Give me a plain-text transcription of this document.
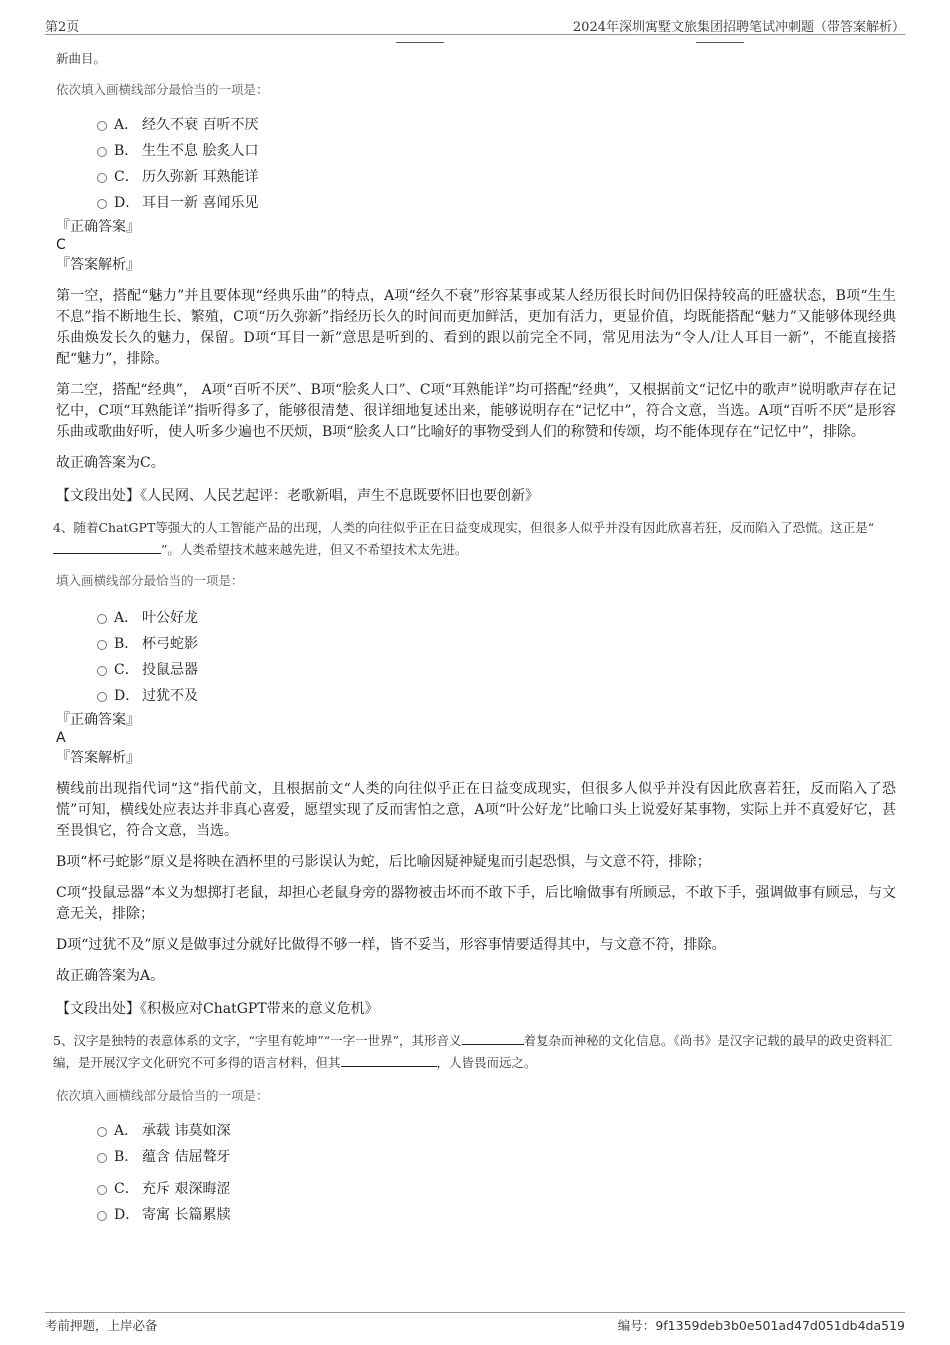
第2页	2024年深圳寓墅文旅集团招聘笔试冲刺题（带答案解析）

新曲目。

依次填入画横线部分最恰当的一项是：

A． 经久不衰 百听不厌
B． 生生不息 脍炙人口
C． 历久弥新 耳熟能详
D． 耳目一新 喜闻乐见

『正确答案』

C

『答案解析』

第一空，搭配“魅力”并且要体现“经典乐曲”的特点，A项“经久不衰”形容某事或某人经历很长时间仍旧保持较高的旺盛状态，B项“生生不息”指不断地生长、繁殖，C项“历久弥新”指经历长久的时间而更加鲜活，更加有活力，更显价值，均既能搭配“魅力”又能够体现经典乐曲焕发长久的魅力，保留。D项“耳目一新”意思是听到的、看到的跟以前完全不同，常见用法为“令人/让人耳目一新”，不能直接搭配“魅力”，排除。

第二空，搭配“经典”， A项“百听不厌”、B项“脍炙人口”、C项“耳熟能详”均可搭配“经典”，又根据前文“记忆中的歌声”说明歌声存在记忆中，C项“耳熟能详”指听得多了，能够很清楚、很详细地复述出来，能够说明存在“记忆中”，符合文意，当选。A项“百听不厌”是形容乐曲或歌曲好听，使人听多少遍也不厌烦，B项“脍炙人口”比喻好的事物受到人们的称赞和传颂，均不能体现存在“记忆中”，排除。

故正确答案为C。

【文段出处】《人民网、人民艺起评：老歌新唱，声生不息既要怀旧也要创新》

4、随着ChatGPT等强大的人工智能产品的出现，人类的向往似乎正在日益变成现实，但很多人似乎并没有因此欣喜若狂，反而陷入了恐慌。这正是“”。人类希望技术越来越先进，但又不希望技术太先进。

填入画横线部分最恰当的一项是：

A． 叶公好龙
B． 杯弓蛇影
C． 投鼠忌器
D． 过犹不及

『正确答案』

A

『答案解析』

横线前出现指代词“这”指代前文，且根据前文“人类的向往似乎正在日益变成现实，但很多人似乎并没有因此欣喜若狂，反而陷入了恐慌”可知，横线处应表达并非真心喜爱，愿望实现了反而害怕之意，A项“叶公好龙”比喻口头上说爱好某事物，实际上并不真爱好它，甚至畏惧它，符合文意，当选。

B项“杯弓蛇影”原义是将映在酒杯里的弓影误认为蛇，后比喻因疑神疑鬼而引起恐惧，与文意不符，排除；

C项“投鼠忌器”本义为想掷打老鼠，却担心老鼠身旁的器物被击坏而不敢下手，后比喻做事有所顾忌，不敢下手，强调做事有顾忌，与文意无关，排除；

D项“过犹不及”原义是做事过分就好比做得不够一样，皆不妥当，形容事情要适得其中，与文意不符，排除。

故正确答案为A。

【文段出处】《积极应对ChatGPT带来的意义危机》

5、汉字是独特的表意体系的文字，“字里有乾坤”“一字一世界”，其形音义	着复杂而神秘的文化信息。《尚书》是汉字记载的最早的政史资料汇编，是开展汉字文化研究不可多得的语言材料，但其	，人皆畏而远之。

依次填入画横线部分最恰当的一项是：

A． 承载 讳莫如深
B． 蕴含 佶屈聱牙
C． 充斥 艰深晦涩
D． 寄寓 长篇累牍
考前押题，上岸必备	编号：9f1359deb3b0e501ad47d051db4da519
